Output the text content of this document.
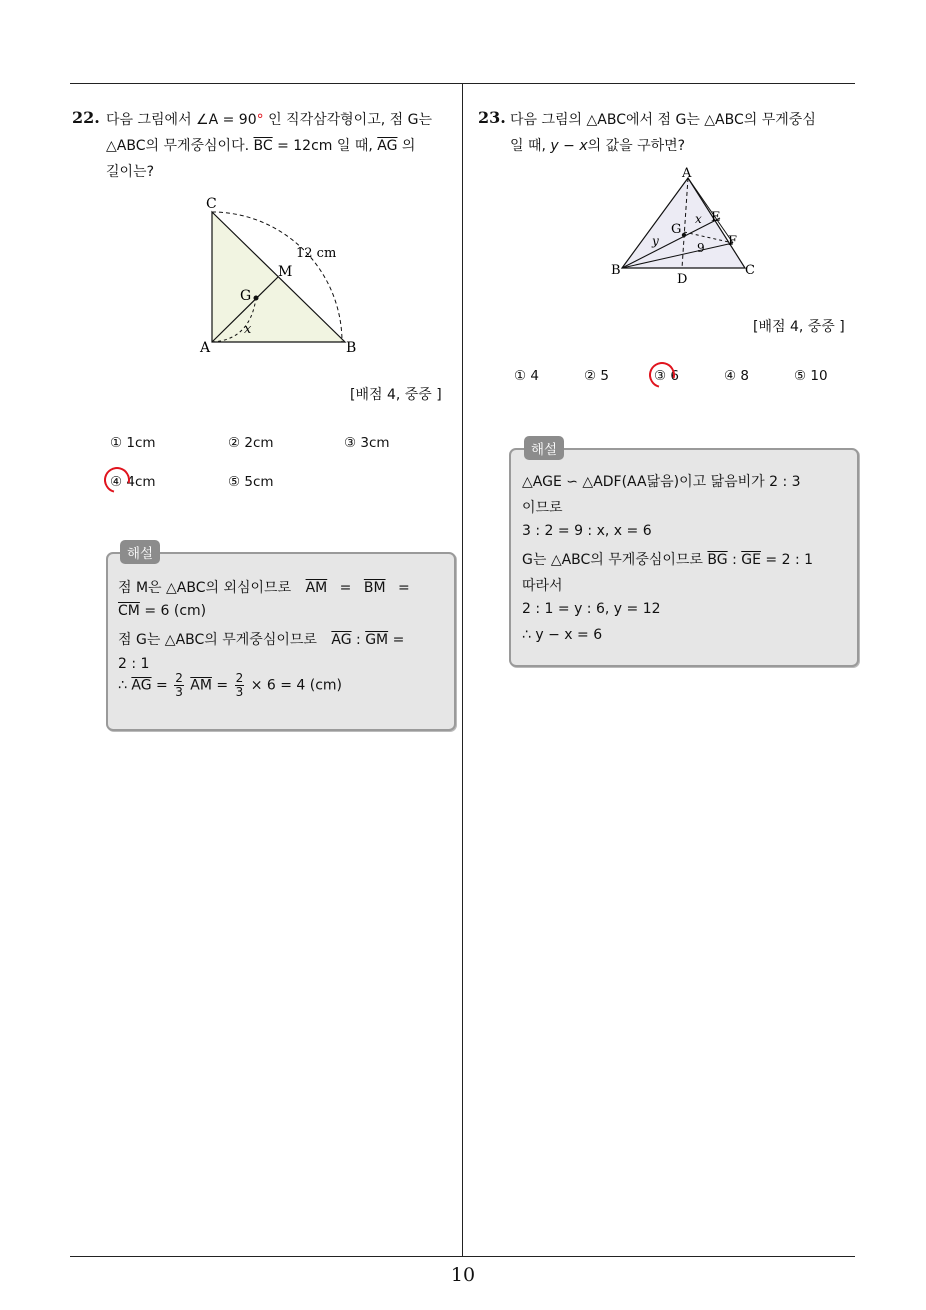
10
22. 다음 그림에서 ∠A = 90° 인 직각삼각형이고, 점 G는
△ABC의 무게중심이다. $\overline{BC} = 12cm$ 일 때, $\overline{AG}$ 의
길이는?
C
M
G
A	B
12 cm
x
[배점 4, 중중 ]
① 1cm	② 2cm	③ 3cm
④ 4cm	⑤ 5cm
해설
점 M은 △ABC의 외심이므로 $\overline{AM} = \overline{BM}$ =
$\overline{CM} = 6$ (cm)
점 G는 △ABC의 무게중심이므로 $\overline{AG}$ : $\overline{GM}$ =
2 : 1
∴ $\overline{AG} = \frac{2}{3} \overline{AM} = \frac{2}{3} \times 6 = 4$ (cm)
23. 다음 그림의 △ABC에서 점 G는 △ABC의 무게중심
일 때, y − x의 값을 구하면?
A
B	C
D
E
F
G
x
y	9
[배점 4, 중중 ]
① 4	② 5	③ 6	④ 8	⑤ 10
해설
△AGE ∽ △ADF(AA닮음)이고 닮음비가 2 : 3
이므로
3 : 2 = 9 : x, x = 6
G는 △ABC의 무게중심이므로 $\overline{BG}$ : $\overline{GE} = 2$ : 1
따라서
2 : 1 = y : 6, y = 12
∴ y − x = 6
